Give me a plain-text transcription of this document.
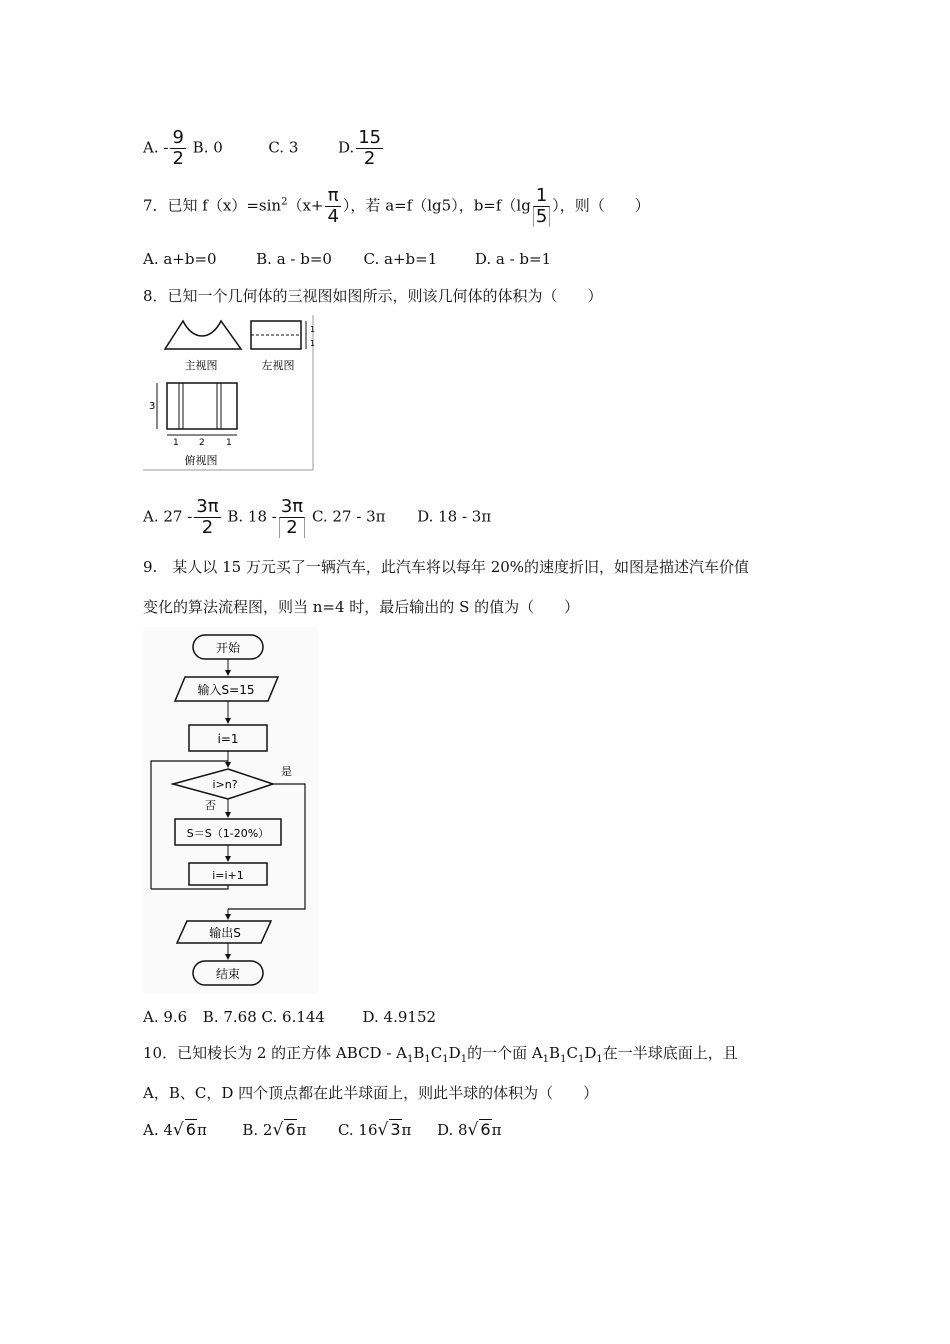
A. - $\frac{9}{2} B$. 0	C. 3	D. $\frac{15}{2}$
7．已知 $f(x)=\sin^2(x+ \frac{\pi}{4}$ ），若 a=f（lg5），$b=f(\lg \frac{1}{5}$ ），则（　　）
A. a+b=0	B. a - b=0 C. a+b=1	D. a - b=1
8．已知一个几何体的三视图如图所示，则该几何体的体积为（　　）
主视图
1
1
左视图
3
1 2 1
俯视图
A. $27 - \frac{3\pi}{2} B$. $18 - \frac{3\pi}{2} C$. 27 - 3π D. 18 - 3π
9.　某人以 15 万元买了一辆汽车，此汽车将以每年 20%的速度折旧，如图是描述汽车价值
变化的算法流程图，则当 n=4 时，最后输出的 S 的值为（　　）
开始
输入S=15
i=1
i>n?
是
否
S＝S（1-20%）
i=i+1
输出S
结束
A. 9.6 B. 7.68 C. 6.144	D. 4.9152
10．已知棱长为 2 的正方体 ABCD - $A_1B_1C_1D_1$的一个面 $A_1B_1C_1D_1$在一半球底面上，且
A，B、C，D 四个顶点都在此半球面上，则此半球的体积为（　　）
A. 4√ 6π B. 2√ 6π C. 16√ 3π D. 8√ 6π
